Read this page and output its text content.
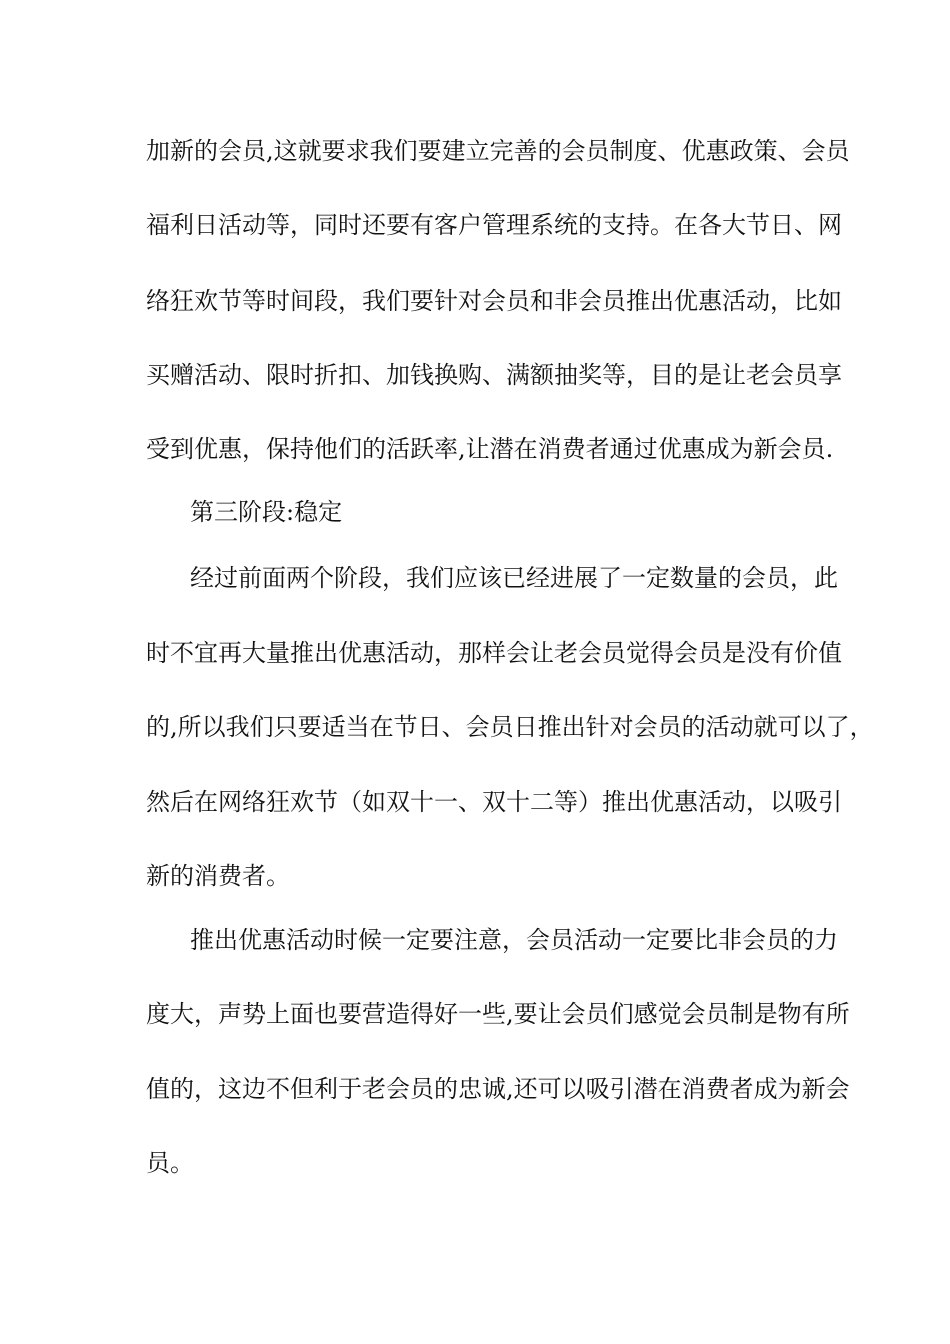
加新的会员,这就要求我们要建立完善的会员制度、优惠政策、会员

福利日活动等，同时还要有客户管理系统的支持。在各大节日、网

络狂欢节等时间段，我们要针对会员和非会员推出优惠活动，比如

买赠活动、限时折扣、加钱换购、满额抽奖等，目的是让老会员享

受到优惠，保持他们的活跃率,让潜在消费者通过优惠成为新会员.

第三阶段:稳定

经过前面两个阶段，我们应该已经进展了一定数量的会员，此

时不宜再大量推出优惠活动，那样会让老会员觉得会员是没有价值

的,所以我们只要适当在节日、会员日推出针对会员的活动就可以了，

然后在网络狂欢节（如双十一、双十二等）推出优惠活动，以吸引

新的消费者。

推出优惠活动时候一定要注意，会员活动一定要比非会员的力

度大，声势上面也要营造得好一些,要让会员们感觉会员制是物有所

值的，这边不但利于老会员的忠诚,还可以吸引潜在消费者成为新会

员。
